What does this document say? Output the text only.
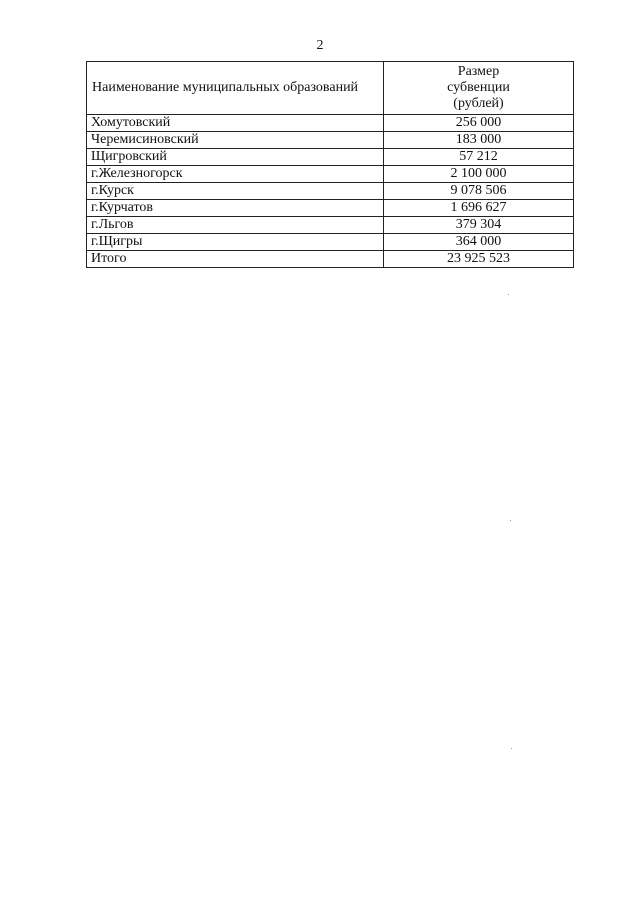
2
Наименование муниципальных образований	Размер
субвенции
(рублей)

Хомутовский	256 000
Черемисиновский	183 000
Щигровский	57 212
г.Железногорск	2 100 000
г.Курск	9 078 506
г.Курчатов	1 696 627
г.Льгов	379 304
г.Щигры	364 000
Итого	23 925 523
